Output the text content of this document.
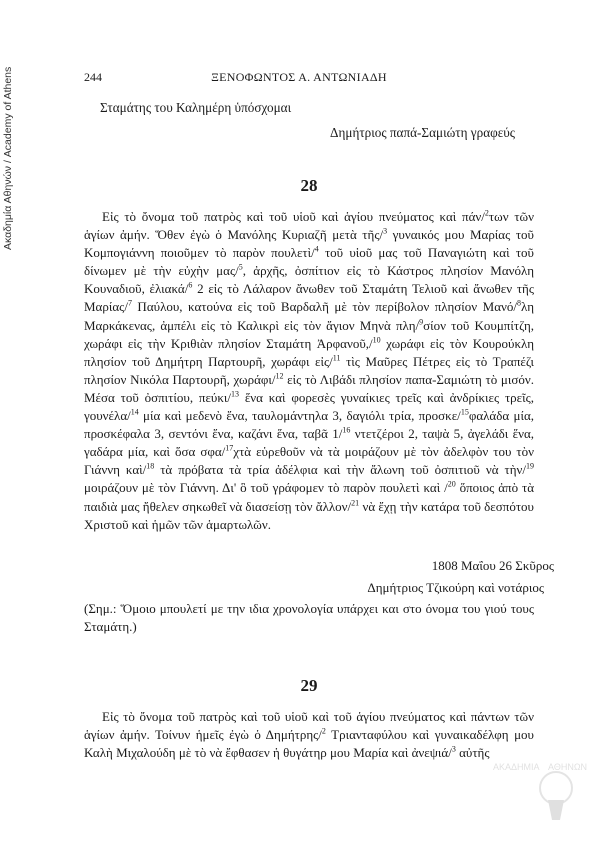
Ακαδημία Αθηνών / Academy of Athens	244	ΞΕΝΟΦΩΝΤΟΣ Α. ΑΝΤΩΝΙΑΔΗ
Σταμάτης του Καλημέρη ὑπόσχομαι
Δημήτριος παπά-Σαμιώτη γραφεύς
28
Εἰς τὸ ὄνομα τοῦ πατρὸς καὶ τοῦ υἱοῦ καὶ ἁγίου πνεύματος καὶ πάν/$^2$των τῶν ἁγίων ἀμήν. Ὅθεν ἐγὼ ὁ Μανόλης Κυριαζῆ μετὰ τῆς/$^3$ γυναικός μου Μαρίας τοῦ Κομπογιάννη ποιοῦμεν τὸ παρὸν πουλετὶ/$^4$ τοῦ υἱοῦ μας τοῦ Παναγιώτη καὶ τοῦ δίνωμεν μὲ τὴν εὐχὴν μας/$^5$, ἀρχῆς, ὀσπίτιον εἰς τὸ Κάστρος πλησίον Μανόλη Κουναδιοῦ, ἐλιακά/$^6$ 2 εἰς τὸ Λάλαρον ἄνωθεν τοῦ Σταμάτη Τελιοῦ καὶ ἄνωθεν τῆς Μαρίας/$^7$ Παύλου, κατούνα εἰς τοῦ Βαρδαλῆ μὲ τὸν περίβολον πλησίον Μανό/$^8$λη Μαρκάκενας, ἀμπέλι εἰς τὸ Καλικρὶ εἰς τὸν ἅγιον Μηνὰ πλη/$^9$σίον τοῦ Κουμπίτζη, χωράφι εἰς τὴν Κριθιὰν πλησίον Σταμάτη Ἀρφανοῦ,/$^{10}$ χωράφι εἰς τὸν Κουρούκλη πλησίον τοῦ Δημήτρη Παρτουρῆ, χωράφι εἰς/$^{11}$ τὶς Μαῦρες Πέτρες εἰς τὸ Τραπέζι πλησίον Νικόλα Παρτουρῆ, χωράφι/$^{12}$ εἰς τὸ Λιβάδι πλησίον παπα-Σαμιώτη τὸ μισόν. Μέσα τοῦ ὀσπιτίου, πεύκι/$^{13}$ ἕνα καὶ φορεσὲς γυναίκιες τρεῖς καὶ ἀνδρίκιες τρεῖς, γουνέλα/$^{14}$ μία καὶ μεδενὸ ἕνα, ταυλομάντηλα 3, δαγιόλι τρία, προσκε/$^{15}$φαλάδα μία, προσκέφαλα 3, σεντόνι ἕνα, καζάνι ἕνα, ταβᾶ 1/$^{16}$ ντετζέροι 2, ταψὰ 5, ἀγελάδι ἕνα, γαδάρα μία, καὶ ὅσα σφα/$^{17}$χτὰ εὑρεθοῦν νὰ τὰ μοιράζουν μὲ τὸν ἀδελφὸν του τὸν Γιάννη καὶ/$^{18}$ τὰ πρόβατα τὰ τρία ἀδέλφια καὶ τὴν ἄλωνη τοῦ ὀσπιτιοῦ νὰ τὴν/$^{19}$ μοιράζουν μὲ τὸν Γιάννη. Δι' ὃ τοῦ γράφομεν τὸ παρὸν πουλετὶ καὶ /$^{20}$ ὅποιος ἀπὸ τὰ παιδιὰ μας ἤθελεν σηκωθεῖ νὰ διασείσῃ τὸν ἄλλον/$^{21}$ νὰ ἔχῃ τὴν κατάρα τοῦ δεσπότου Χριστοῦ καὶ ἡμῶν τῶν ἁμαρτωλῶν.
1808 Μαΐου 26 Σκῦρος
Δημήτριος Τζικούρη καὶ νοτάριος
(Σημ.: Ὅμοιο μπουλετί με την ιδια χρονολογία υπάρχει και στο όνομα του γιού τους Σταμάτη.)
29
Εἰς τὸ ὄνομα τοῦ πατρὸς καὶ τοῦ υἱοῦ καὶ τοῦ ἁγίου πνεύματος καὶ πάντων τῶν ἁγίων ἀμήν. Τοίνυν ἡμεῖς ἐγὼ ὁ Δημήτρης/$^2$ Τριανταφύλου καὶ γυναικαδέλφη μου Καλὴ Μιχαλούδη μὲ τὸ νὰ ἔφθασεν ἡ θυγάτηρ μου Μαρία καὶ ἀνεψιά/$^3$ αὐτῆς
ΑΚΑΔΗΜΙΑ ΑΘΗΝΩΝ
